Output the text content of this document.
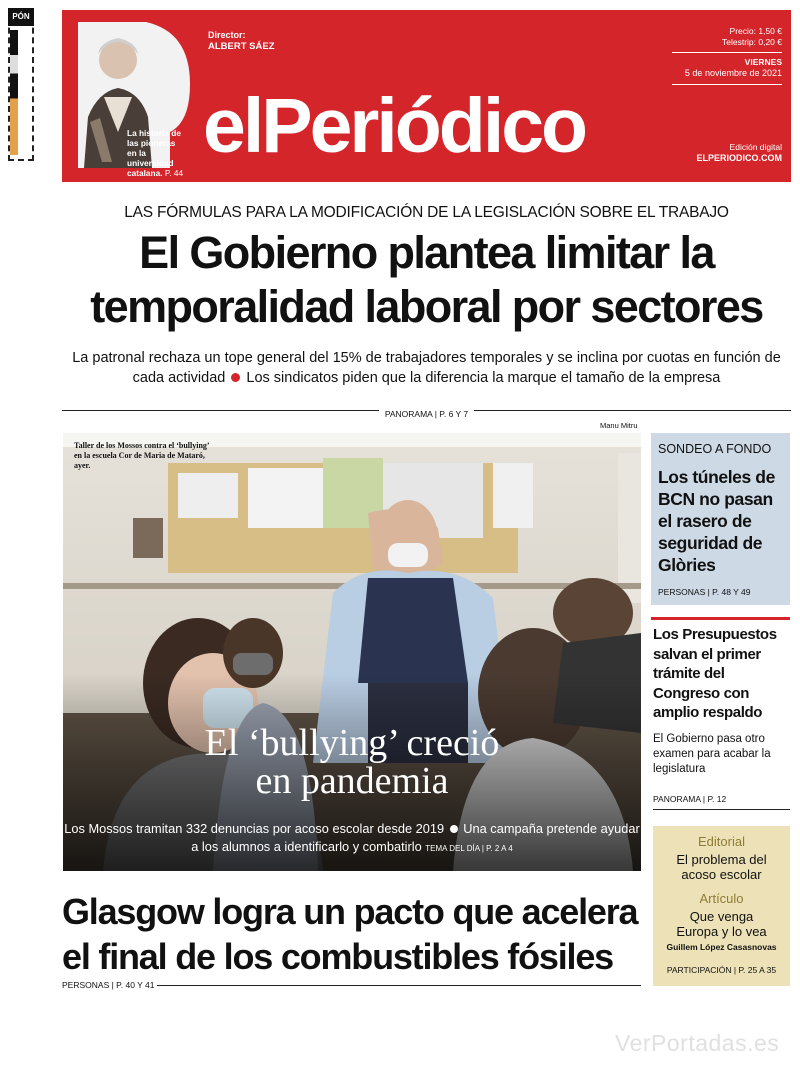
PÓN
La historia de las pioneras en la universidad catalana. P. 44
Director:
ALBERT SÁEZ
elPeriódico
Precio: 1,50 €
Telestrip: 0,20 €
VIERNES
5 de noviembre de 2021
Edición digital
ELPERIODICO.COM
LAS FÓRMULAS PARA LA MODIFICACIÓN DE LA LEGISLACIÓN SOBRE EL TRABAJO
El Gobierno plantea limitar la temporalidad laboral por sectores
La patronal rechaza un tope general del 15% de trabajadores temporales y se inclina por cuotas en función de cada actividad Los sindicatos piden que la diferencia la marque el tamaño de la empresa
PANORAMA | P. 6 Y 7
Manu Mitru
Taller de los Mossos contra el ‘bullying’ en la escuela Cor de Maria de Mataró, ayer.
El ‘bullying’ creció
en pandemia
Los Mossos tramitan 332 denuncias por acoso escolar desde 2019 Una campaña pretende ayudar a los alumnos a identificarlo y combatirlo TEMA DEL DÍA | P. 2 A 4
SONDEO A FONDO
Los túneles de BCN no pasan el rasero de seguridad de Glòries
PERSONAS | P. 48 Y 49
Los Presupuestos salvan el primer trámite del Congreso con amplio respaldo
El Gobierno pasa otro examen para acabar la legislatura
PANORAMA | P. 12
Editorial
El problema del acoso escolar
Artículo
Que venga Europa y lo vea
Guillem López Casasnovas
PARTICIPACIÓN | P. 25 A 35
Glasgow logra un pacto que acelera el final de los combustibles fósiles
PERSONAS | P. 40 Y 41
VerPortadas.es
